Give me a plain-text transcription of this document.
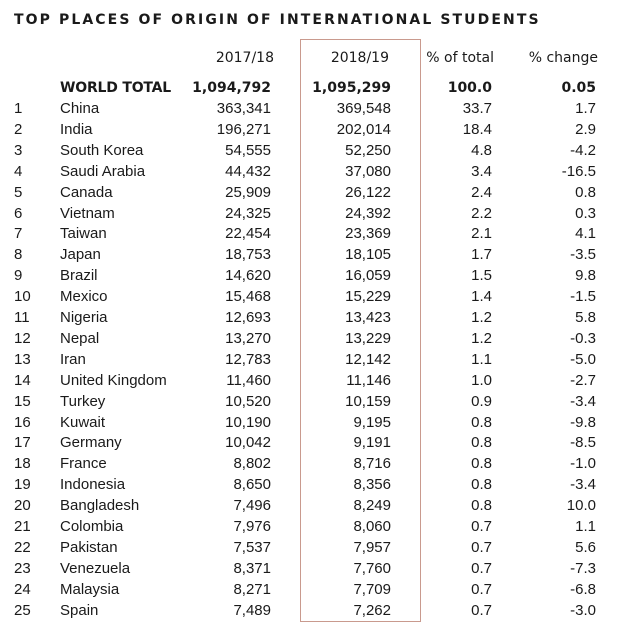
TOP PLACES OF ORIGIN OF INTERNATIONAL STUDENTS
2017/18	2018/19	% of total % change
WORLD TOTAL 1,094,792	1,095,299	100.0	0.05
1	China	363,341	369,548	33.7	1.7
2	India	196,271	202,014	18.4	2.9
3	South Korea	54,555	52,250	4.8	-4.2
4	Saudi Arabia	44,432	37,080	3.4	-16.5
5	Canada	25,909	26,122	2.4	0.8
6	Vietnam	24,325	24,392	2.2	0.3
7	Taiwan	22,454	23,369	2.1	4.1
8	Japan	18,753	18,105	1.7	-3.5
9	Brazil	14,620	16,059	1.5	9.8
10 Mexico	15,468	15,229	1.4	-1.5
11 Nigeria	12,693	13,423	1.2	5.8
12 Nepal	13,270	13,229	1.2	-0.3
13 Iran	12,783	12,142	1.1	-5.0
14 United Kingdom	11,460	11,146	1.0	-2.7
15 Turkey	10,520	10,159	0.9	-3.4
16 Kuwait	10,190	9,195	0.8	-9.8
17 Germany	10,042	9,191	0.8	-8.5
18 France	8,802	8,716	0.8	-1.0
19 Indonesia	8,650	8,356	0.8	-3.4
20 Bangladesh	7,496	8,249	0.8	10.0
21 Colombia	7,976	8,060	0.7	1.1
22 Pakistan	7,537	7,957	0.7	5.6
23 Venezuela	8,371	7,760	0.7	-7.3
24 Malaysia	8,271	7,709	0.7	-6.8
25 Spain	7,489	7,262	0.7	-3.0
